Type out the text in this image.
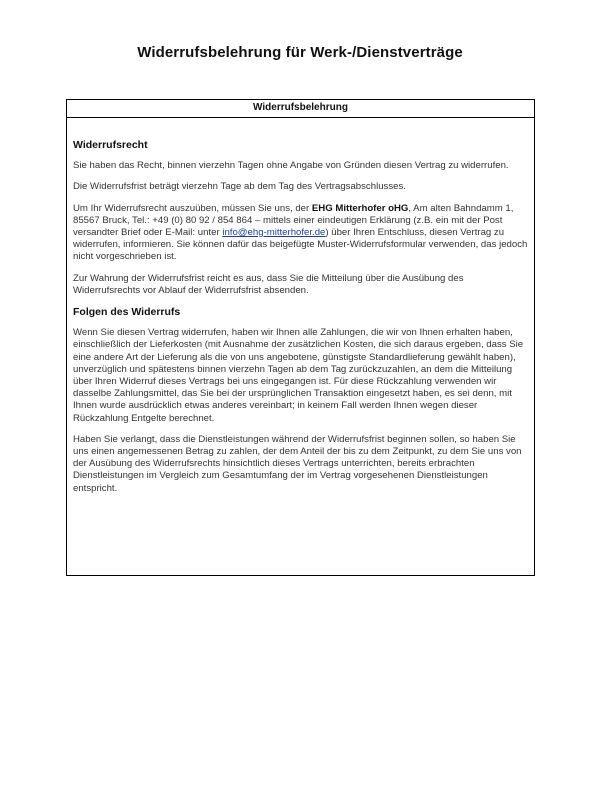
Widerrufsbelehrung für Werk-/Dienstverträge
Widerrufsbelehrung
Widerrufsrecht
Sie haben das Recht, binnen vierzehn Tagen ohne Angabe von Gründen diesen Vertrag zu widerrufen.
Die Widerrufsfrist beträgt vierzehn Tage ab dem Tag des Vertragsabschlusses.
Um Ihr Widerrufsrecht auszuüben, müssen Sie uns, der EHG Mitterhofer oHG, Am alten Bahndamm 1, 85567 Bruck, Tel.: +49 (0) 80 92 / 854 864 – mittels einer eindeutigen Erklärung (z.B. ein mit der Post versandter Brief oder E-Mail: unter info@ehg-mitterhofer.de) über Ihren Entschluss, diesen Vertrag zu widerrufen, informieren. Sie können dafür das beigefügte Muster-Widerrufsformular verwenden, das jedoch nicht vorgeschrieben ist.
Zur Wahrung der Widerrufsfrist reicht es aus, dass Sie die Mitteilung über die Ausübung des Widerrufsrechts vor Ablauf der Widerrufsfrist absenden.
Folgen des Widerrufs
Wenn Sie diesen Vertrag widerrufen, haben wir Ihnen alle Zahlungen, die wir von Ihnen erhalten haben, einschließlich der Lieferkosten (mit Ausnahme der zusätzlichen Kosten, die sich daraus ergeben, dass Sie eine andere Art der Lieferung als die von uns angebotene, günstigste Standardlieferung gewählt haben), unverzüglich und spätestens binnen vierzehn Tagen ab dem Tag zurückzuzahlen, an dem die Mitteilung über Ihren Widerruf dieses Vertrags bei uns eingegangen ist. Für diese Rückzahlung verwenden wir dasselbe Zahlungsmittel, das Sie bei der ursprünglichen Transaktion eingesetzt haben, es sei denn, mit Ihnen wurde ausdrücklich etwas anderes vereinbart; in keinem Fall werden Ihnen wegen dieser Rückzahlung Entgelte berechnet.
Haben Sie verlangt, dass die Dienstleistungen während der Widerrufsfrist beginnen sollen, so haben Sie uns einen angemessenen Betrag zu zahlen, der dem Anteil der bis zu dem Zeitpunkt, zu dem Sie uns von der Ausübung des Widerrufsrechts hinsichtlich dieses Vertrags unterrichten, bereits erbrachten Dienstleistungen im Vergleich zum Gesamtumfang der im Vertrag vorgesehenen Dienstleistungen entspricht.
